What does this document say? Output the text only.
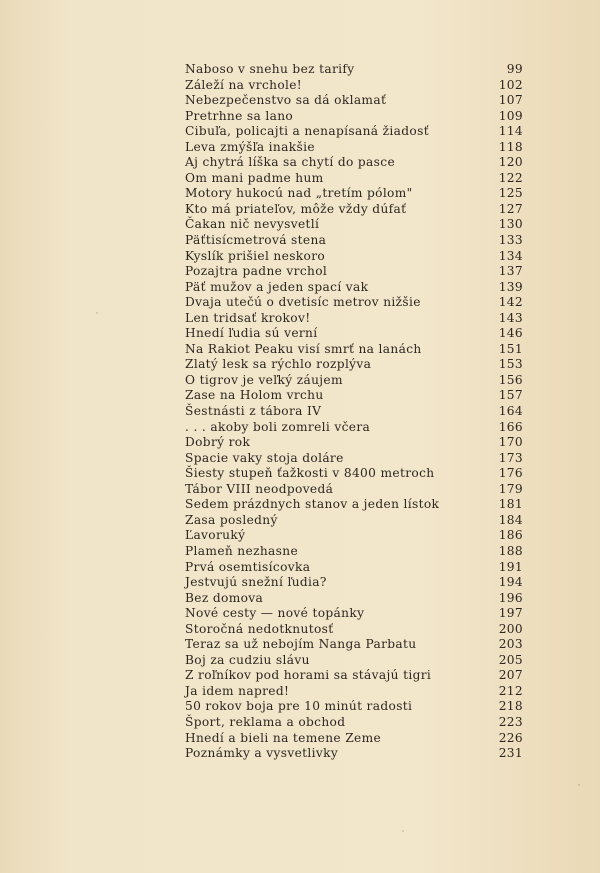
Naboso v snehu bez tarify	99
Záleží na vrchole!	102
Nebezpečenstvo sa dá oklamať	107
Pretrhne sa lano	109
Cibuľa, policajti a nenapísaná žiadosť	114
Leva zmýšľa inakšie	118
Aj chytrá líška sa chytí do pasce	120
Om mani padme hum	122
Motory hukocú nad „tretím pólom"	125
Kto má priateľov, môže vždy dúfať	127
Čakan nič nevysvetlí	130
Päťtisícmetrová stena	133
Kyslík prišiel neskoro	134
Pozajtra padne vrchol	137
Päť mužov a jeden spací vak	139
Dvaja utečú o dvetisíc metrov nižšie	142
Len tridsať krokov!	143
Hnedí ľudia sú verní	146
Na Rakiot Peaku visí smrť na lanách	151
Zlatý lesk sa rýchlo rozplýva	153
O tigrov je veľký záujem	156
Zase na Holom vrchu	157
Šestnásti z tábora IV	164
. . . akoby boli zomreli včera	166
Dobrý rok	170
Spacie vaky stoja doláre	173
Šiesty stupeň ťažkosti v 8400 metroch	176
Tábor VIII neodpovedá	179
Sedem prázdnych stanov a jeden lístok	181
Zasa posledný	184
Ľavoruký	186
Plameň nezhasne	188
Prvá osemtisícovka	191
Jestvujú snežní ľudia?	194
Bez domova	196
Nové cesty — nové topánky	197
Storočná nedotknutosť	200
Teraz sa už nebojím Nanga Parbatu	203
Boj za cudziu slávu	205
Z roľníkov pod horami sa stávajú tigri	207
Ja idem napred!	212
50 rokov boja pre 10 minút radosti	218
Šport, reklama a obchod	223
Hnedí a bieli na temene Zeme	226
Poznámky a vysvetlivky	231
